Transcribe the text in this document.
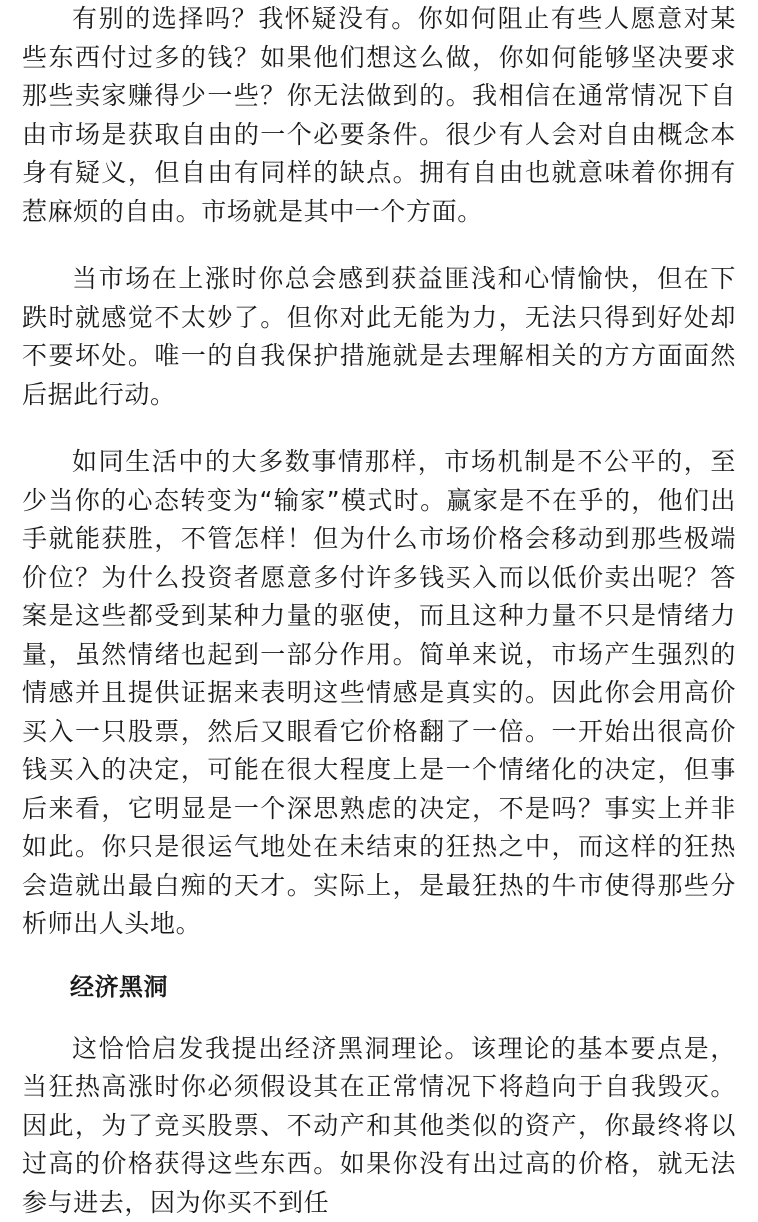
有别的选择吗？我怀疑没有。你如何阻止有些人愿意对某些东西付过多的钱？如果他们想这么做，你如何能够坚决要求那些卖家赚得少一些？你无法做到的。我相信在通常情况下自由市场是获取自由的一个必要条件。很少有人会对自由概念本身有疑义，但自由有同样的缺点。拥有自由也就意味着你拥有惹麻烦的自由。市场就是其中一个方面。

当市场在上涨时你总会感到获益匪浅和心情愉快，但在下跌时就感觉不太妙了。但你对此无能为力，无法只得到好处却不要坏处。唯一的自我保护措施就是去理解相关的方方面面然后据此行动。

如同生活中的大多数事情那样，市场机制是不公平的，至少当你的心态转变为“输家”模式时。赢家是不在乎的，他们出手就能获胜，不管怎样！但为什么市场价格会移动到那些极端价位？为什么投资者愿意多付许多钱买入而以低价卖出呢？答案是这些都受到某种力量的驱使，而且这种力量不只是情绪力量，虽然情绪也起到一部分作用。简单来说，市场产生强烈的情感并且提供证据来表明这些情感是真实的。因此你会用高价买入一只股票，然后又眼看它价格翻了一倍。一开始出很高价钱买入的决定，可能在很大程度上是一个情绪化的决定，但事后来看，它明显是一个深思熟虑的决定，不是吗？事实上并非如此。你只是很运气地处在未结束的狂热之中，而这样的狂热会造就出最白痴的天才。实际上，是最狂热的牛市使得那些分析师出人头地。

经济黑洞

这恰恰启发我提出经济黑洞理论。该理论的基本要点是，当狂热高涨时你必须假设其在正常情况下将趋向于自我毁灭。因此，为了竞买股票、不动产和其他类似的资产，你最终将以过高的价格获得这些东西。如果你没有出过高的价格，就无法参与进去，因为你买不到任
